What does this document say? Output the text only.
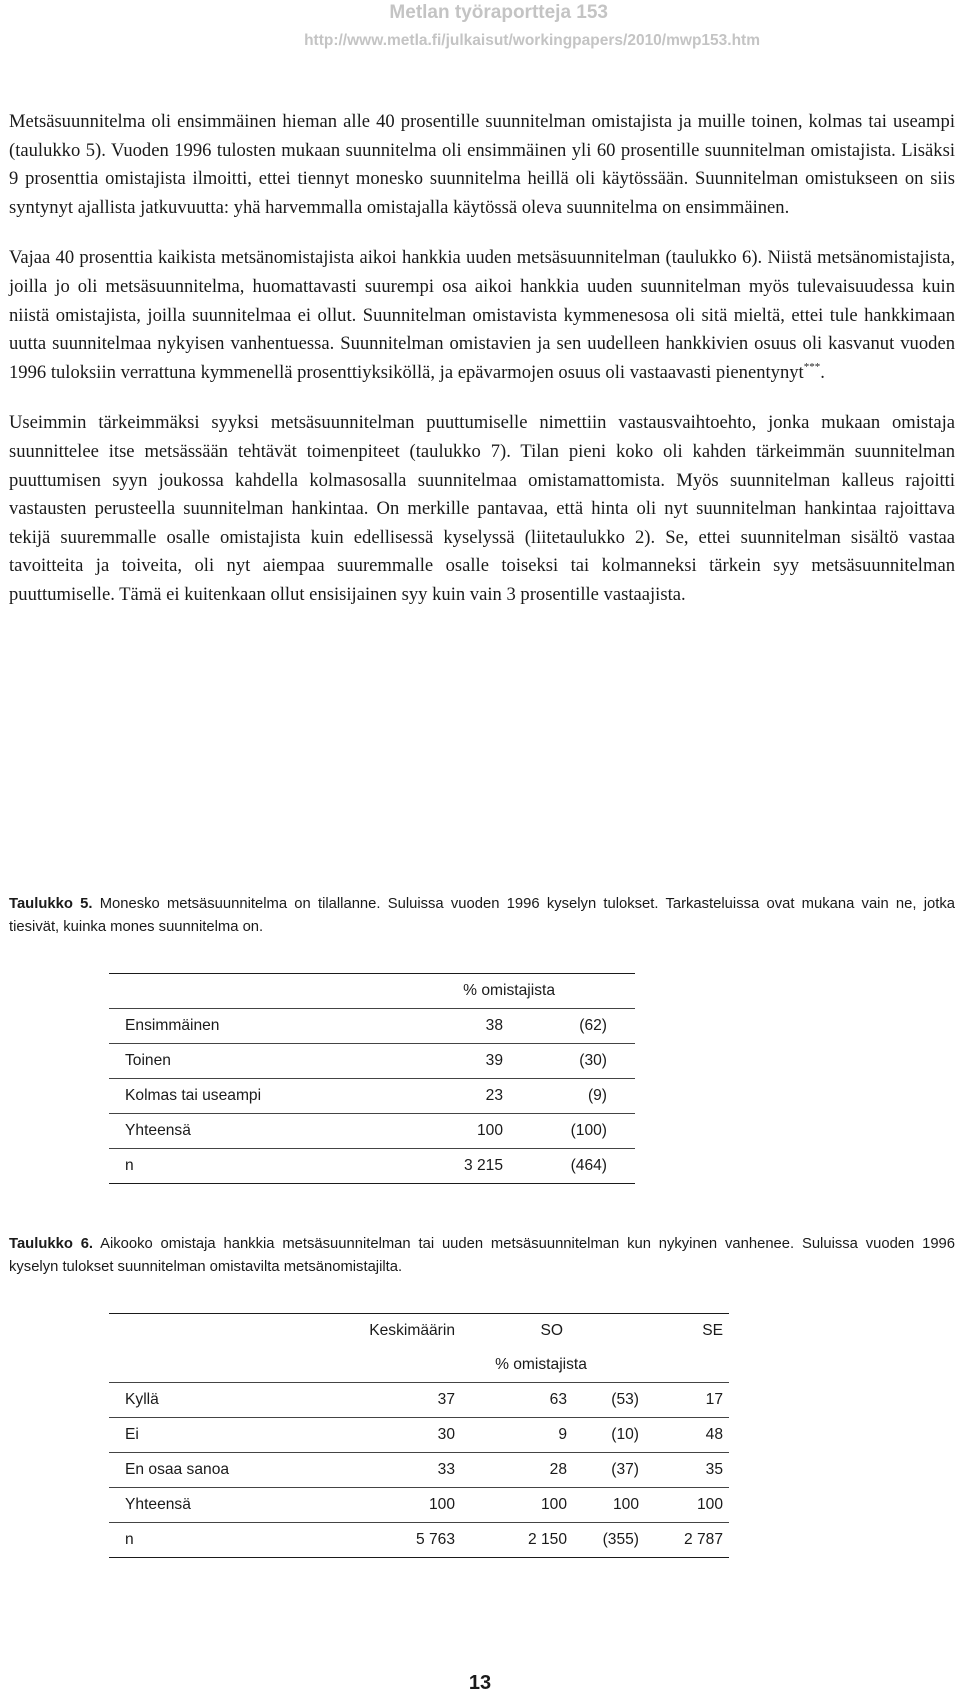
Metlan työraportteja 153
http://www.metla.fi/julkaisut/workingpapers/2010/mwp153.htm

Metsäsuunnitelma oli ensimmäinen hieman alle 40 prosentille suunnitelman omistajista ja muille toinen, kolmas tai useampi (taulukko 5). Vuoden 1996 tulosten mukaan suunnitelma oli ensimmäinen yli 60 prosentille suunnitelman omistajista. Lisäksi 9 prosenttia omistajista ilmoitti, ettei tiennyt monesko suunnitelma heillä oli käytössään. Suunnitelman omistukseen on siis syntynyt ajallista jatkuvuutta: yhä harvemmalla omistajalla käytössä oleva suunnitelma on ensimmäinen.

Vajaa 40 prosenttia kaikista metsänomistajista aikoi hankkia uuden metsäsuunnitelman (taulukko 6). Niistä metsänomistajista, joilla jo oli metsäsuunnitelma, huomattavasti suurempi osa aikoi hankkia uuden suunnitelman myös tulevaisuudessa kuin niistä omistajista, joilla suunnitelmaa ei ollut. Suunnitelman omistavista kymmenesosa oli sitä mieltä, ettei tule hankkimaan uutta suunnitelmaa nykyisen vanhentuessa. Suunnitelman omistavien ja sen uudelleen hankkivien osuus oli kasvanut vuoden 1996 tuloksiin verrattuna kymmenellä prosenttiyksiköllä, ja epävarmojen osuus oli vastaavasti pienentynyt***.

Useimmin tärkeimmäksi syyksi metsäsuunnitelman puuttumiselle nimettiin vastausvaihtoehto, jonka mukaan omistaja suunnittelee itse metsässään tehtävät toimenpiteet (taulukko 7). Tilan pieni koko oli kahden tärkeimmän suunnitelman puuttumisen syyn joukossa kahdella kolmasosalla suunnitelmaa omistamattomista. Myös suunnitelman kalleus rajoitti vastausten perusteella suunnitelman hankintaa. On merkille pantavaa, että hinta oli nyt suunnitelman hankintaa rajoittava tekijä suuremmalle osalle omistajista kuin edellisessä kyselyssä (liitetaulukko 2). Se, ettei suunnitelman sisältö vastaa tavoitteita ja toiveita, oli nyt aiempaa suuremmalle osalle toiseksi tai kolmanneksi tärkein syy metsäsuunnitelman puuttumiselle. Tämä ei kuitenkaan ollut ensisijainen syy kuin vain 3 prosentille vastaajista.

Taulukko 5. Monesko metsäsuunnitelma on tilallanne. Suluissa vuoden 1996 kyselyn tulokset. Tarkasteluissa ovat mukana vain ne, jotka tiesivät, kuinka mones suunnitelma on.
	% omistajista	
Ensimmäinen	38	(62)
Toinen	39	(30)
Kolmas tai useampi	23	(9)
Yhteensä	100	(100)
n	3 215	(464)
Taulukko 6. Aikooko omistaja hankkia metsäsuunnitelman tai uuden metsäsuunnitelman kun nykyinen vanhenee. Suluissa vuoden 1996 kyselyn tulokset suunnitelman omistavilta metsänomistajilta.
	Keskimäärin	SO		SE
		% omistajista		
Kyllä	37	63	(53)	17
Ei	30	9	(10)	48
En osaa sanoa	33	28	(37)	35
Yhteensä	100	100	100	100
n	5 763	2 150	(355)	2 787
13
